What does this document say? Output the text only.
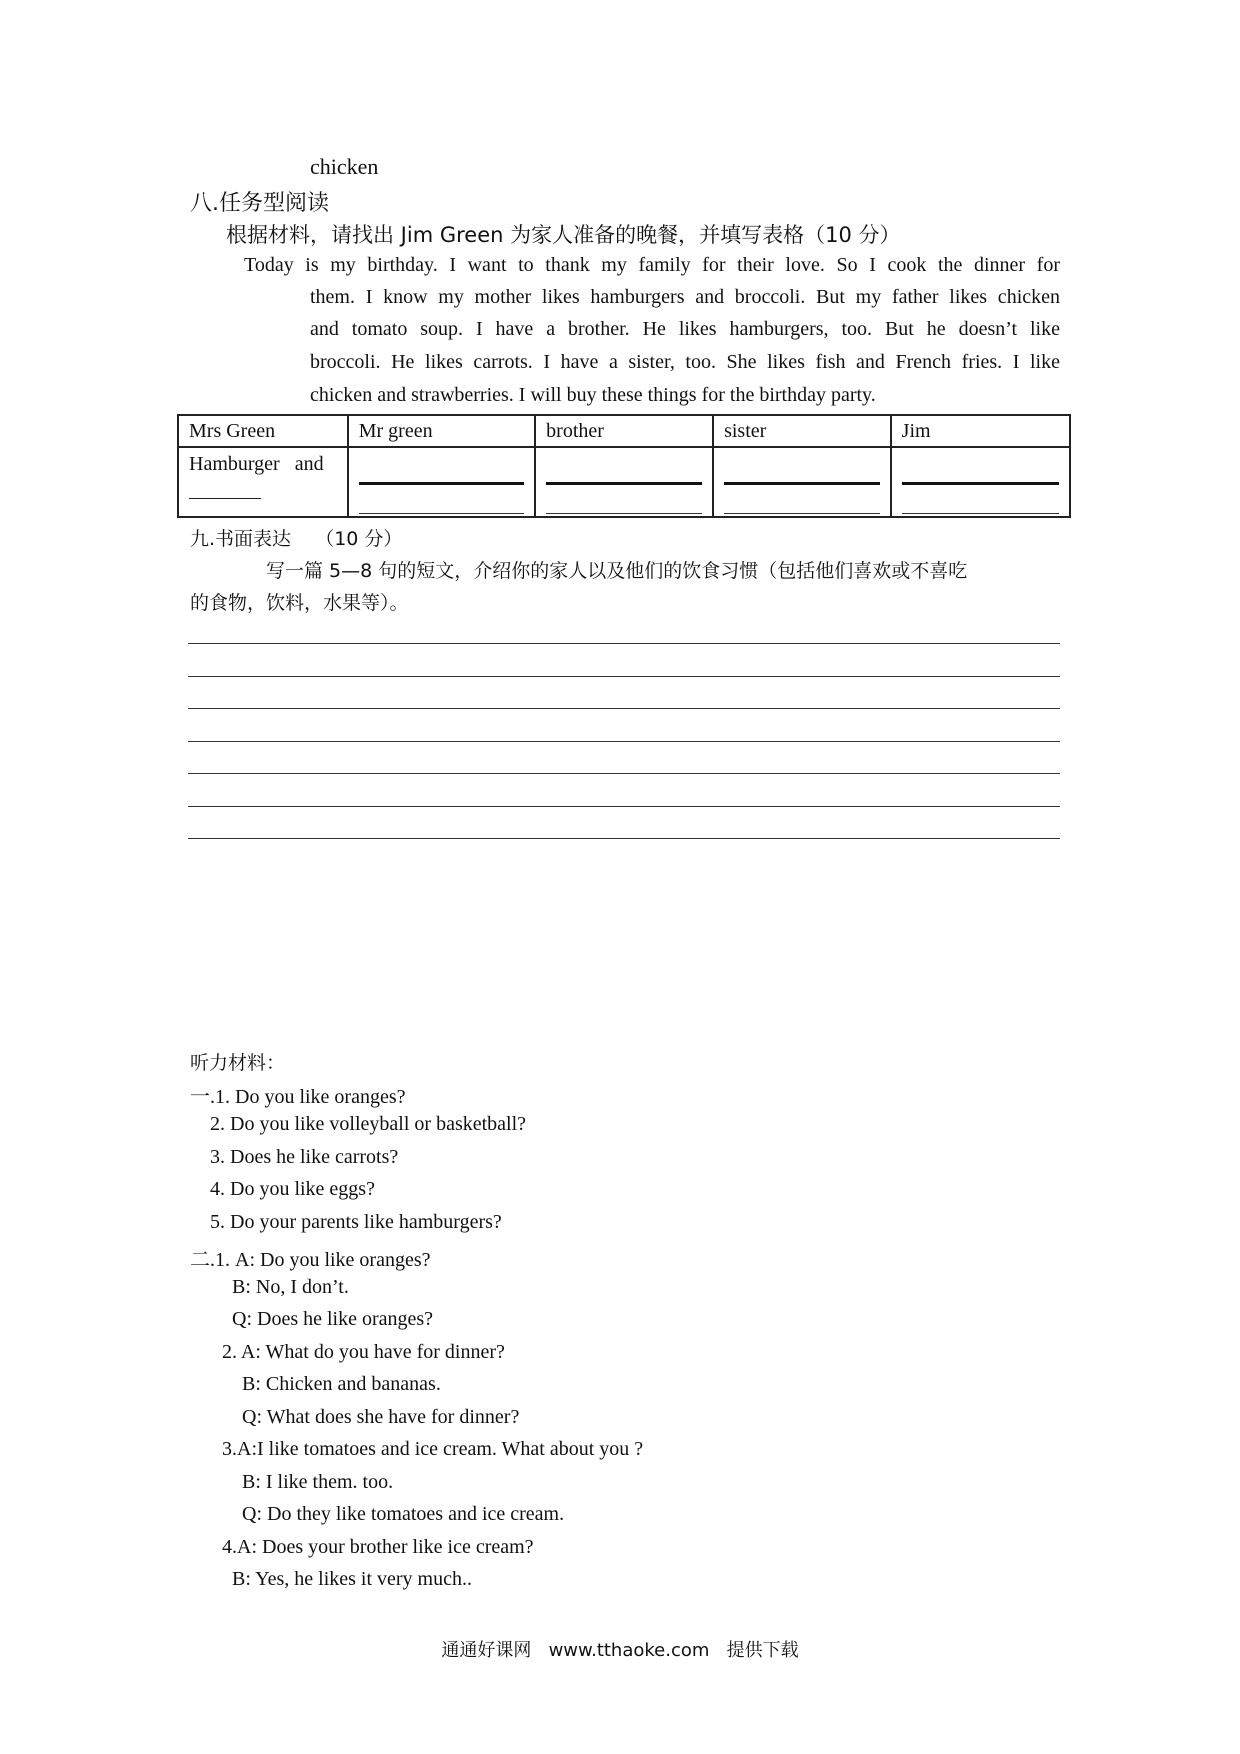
chicken
八.任务型阅读
根据材料，请找出 Jim Green 为家人准备的晚餐，并填写表格（10 分）
Today is my birthday. I want to thank my family for their love. So I cook the dinner for
them. I know my mother likes hamburgers and broccoli. But my father likes chicken
and tomato soup. I have a brother. He likes hamburgers, too. But he doesn’t like
broccoli. He likes carrots. I have a sister, too. She likes fish and French fries. I like
chicken and strawberries. I will buy these things for the birthday party.
Mrs Green	Mr green	brother	sister	Jim

Hamburger   and				

九.书面表达    （10 分）
写一篇 5—8 句的短文，介绍你的家人以及他们的饮食习惯（包括他们喜欢或不喜吃
的食物，饮料，水果等）。
听力材料：
一.1. Do you like oranges?
2. Do you like volleyball or basketball?
3. Does he like carrots?
4. Do you like eggs?
5. Do your parents like hamburgers?
二.1. A: Do you like oranges?
B: No, I don’t.
Q: Does he like oranges?
2. A: What do you have for dinner?
B: Chicken and bananas.
Q: What does she have for dinner?
3.A:I like tomatoes and ice cream. What about you ?
B: I like them. too.
Q: Do they like tomatoes and ice cream.
4.A: Does your brother like ice cream?
B: Yes, he likes it very much..
通通好课网   www.tthaoke.com   提供下载
